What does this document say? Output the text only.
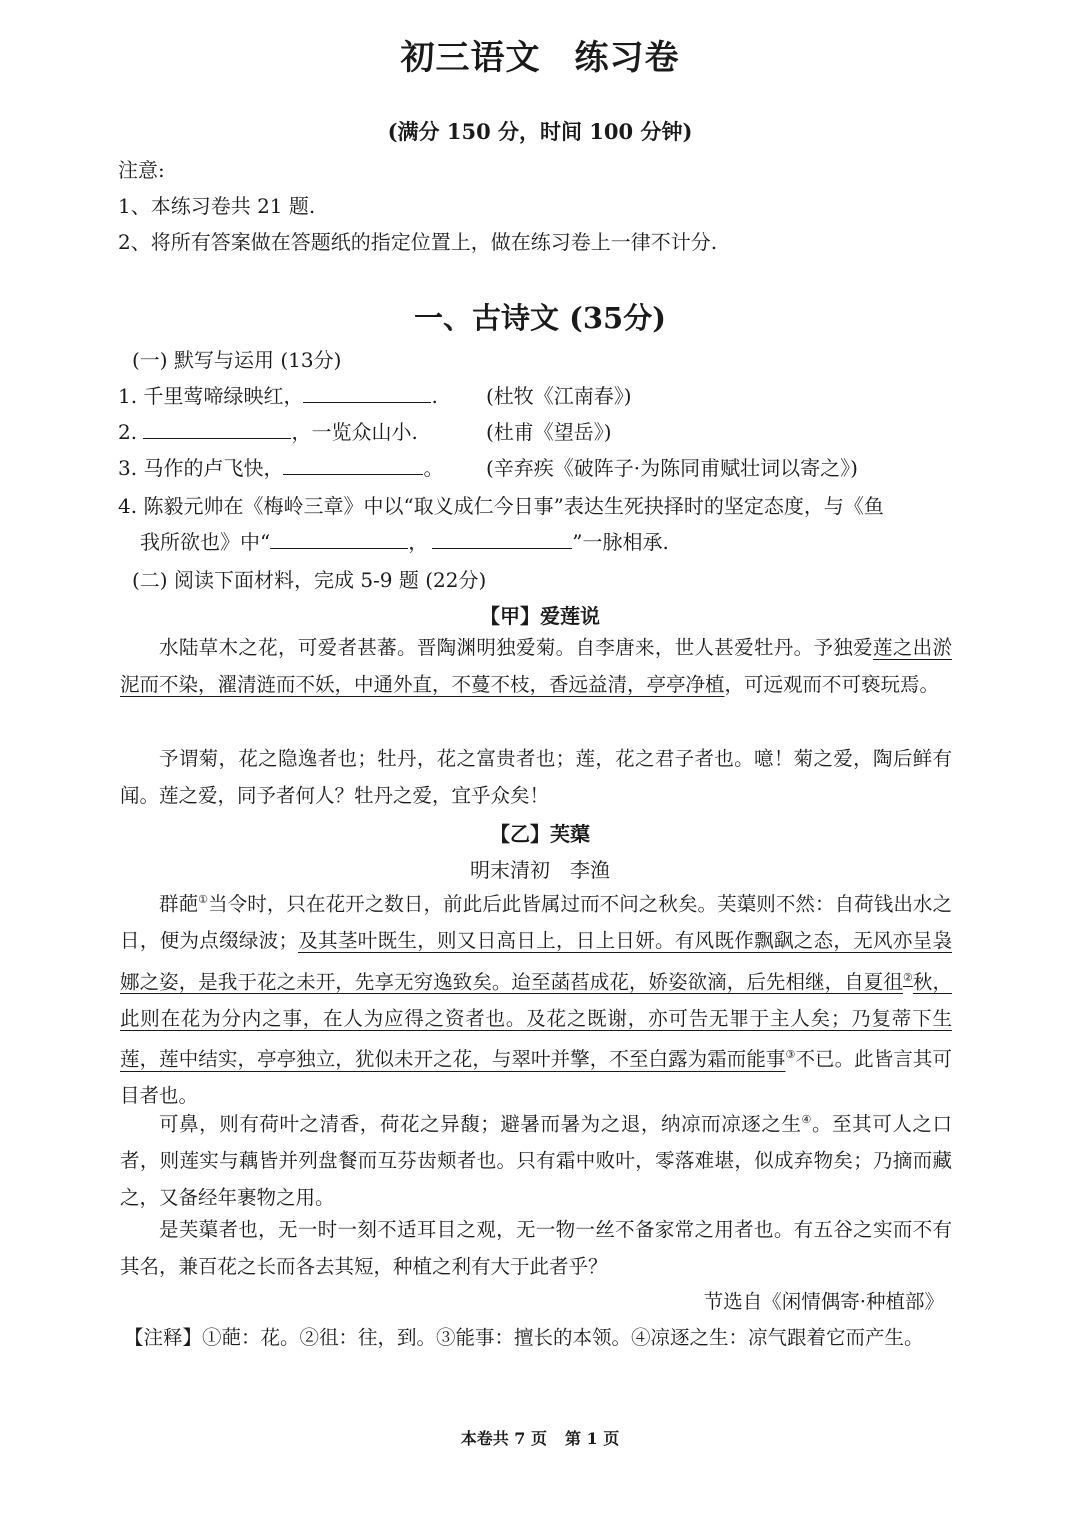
初三语文 练习卷
(满分 150 分，时间 100 分钟)
注意:
1、本练习卷共 21 题.
2、将所有答案做在答题纸的指定位置上，做在练习卷上一律不计分.
一、古诗文 (35分)
(一) 默写与运用 (13分)
1. 千里莺啼绿映红，	. (杜牧《江南春》)
2.	，一览众山小.	(杜甫《望岳》)
3. 马作的卢飞快，	。 (辛弃疾《破阵子·为陈同甫赋壮词以寄之》)
4. 陈毅元帅在《梅岭三章》中以“取义成仁今日事”表达生死抉择时的坚定态度，与《鱼
我所欲也》中“	，	”一脉相承.
(二) 阅读下面材料，完成 5-9 题 (22分)
【甲】爱莲说
水陆草木之花，可爱者甚蕃。晋陶渊明独爱菊。自李唐来，世人甚爱牡丹。予独爱莲之出淤泥而不染，濯清涟而不妖，中通外直，不蔓不枝，香远益清，亭亭净植，可远观而不可亵玩焉。
予谓菊，花之隐逸者也；牡丹，花之富贵者也；莲，花之君子者也。噫！菊之爱，陶后鲜有闻。莲之爱，同予者何人？牡丹之爱，宜乎众矣！
【乙】芙蕖
明末清初　李渔
群葩①当令时，只在花开之数日，前此后此皆属过而不问之秋矣。芙蕖则不然：自荷钱出水之日，便为点缀绿波；及其茎叶既生，则又日高日上，日上日妍。有风既作飘飖之态，无风亦呈袅娜之姿，是我于花之未开，先享无穷逸致矣。迨至菡萏成花，娇姿欲滴，后先相继，自夏徂②秋，此则在花为分内之事，在人为应得之资者也。及花之既谢，亦可告无罪于主人矣；乃复蒂下生莲，莲中结实，亭亭独立，犹似未开之花，与翠叶并擎，不至白露为霜而能事③不已。此皆言其可目者也。
可鼻，则有荷叶之清香，荷花之异馥；避暑而暑为之退，纳凉而凉逐之生④。至其可人之口者，则莲实与藕皆并列盘餐而互芬齿颊者也。只有霜中败叶，零落难堪，似成弃物矣；乃摘而藏之，又备经年裹物之用。
是芙蕖者也，无一时一刻不适耳目之观，无一物一丝不备家常之用者也。有五谷之实而不有其名，兼百花之长而各去其短，种植之利有大于此者乎？
节选自《闲情偶寄·种植部》
【注释】①葩：花。②徂：往，到。③能事：擅长的本领。④凉逐之生：凉气跟着它而产生。
本卷共 7 页 第 1 页
